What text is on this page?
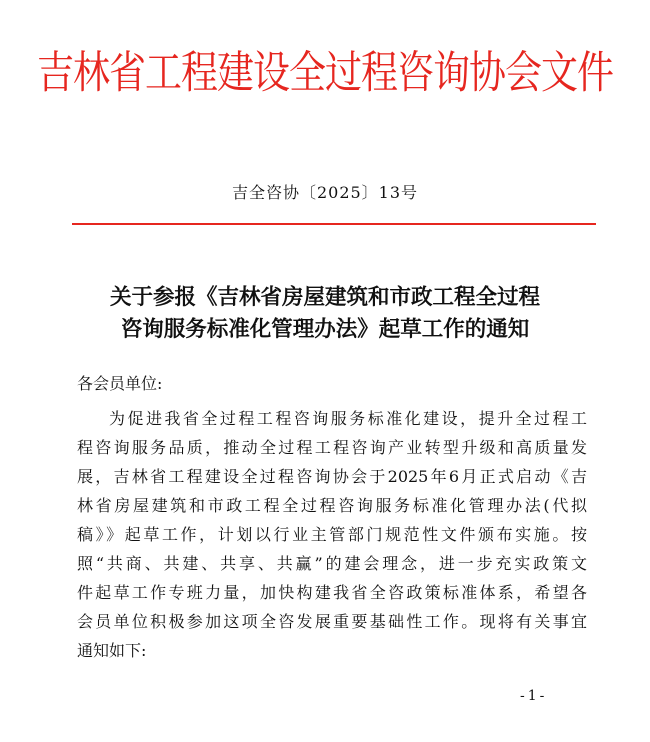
吉林省工程建设全过程咨询协会文件
吉全咨协〔2025〕13号
关于参报《吉林省房屋建筑和市政工程全过程
咨询服务标准化管理办法》起草工作的通知
各会员单位:
为促进我省全过程工程咨询服务标准化建设，提升全过程工
程咨询服务品质，推动全过程工程咨询产业转型升级和高质量发
展，吉林省工程建设全过程咨询协会于2025年6月正式启动《吉
林省房屋建筑和市政工程全过程咨询服务标准化管理办法(代拟
稿》》起草工作，计划以行业主管部门规范性文件颁布实施。按
照“共商、共建、共享、共赢”的建会理念，进一步充实政策文
件起草工作专班力量，加快构建我省全咨政策标准体系，希望各
会员单位积极参加这项全咨发展重要基础性工作。现将有关事宜
通知如下:
-1-
